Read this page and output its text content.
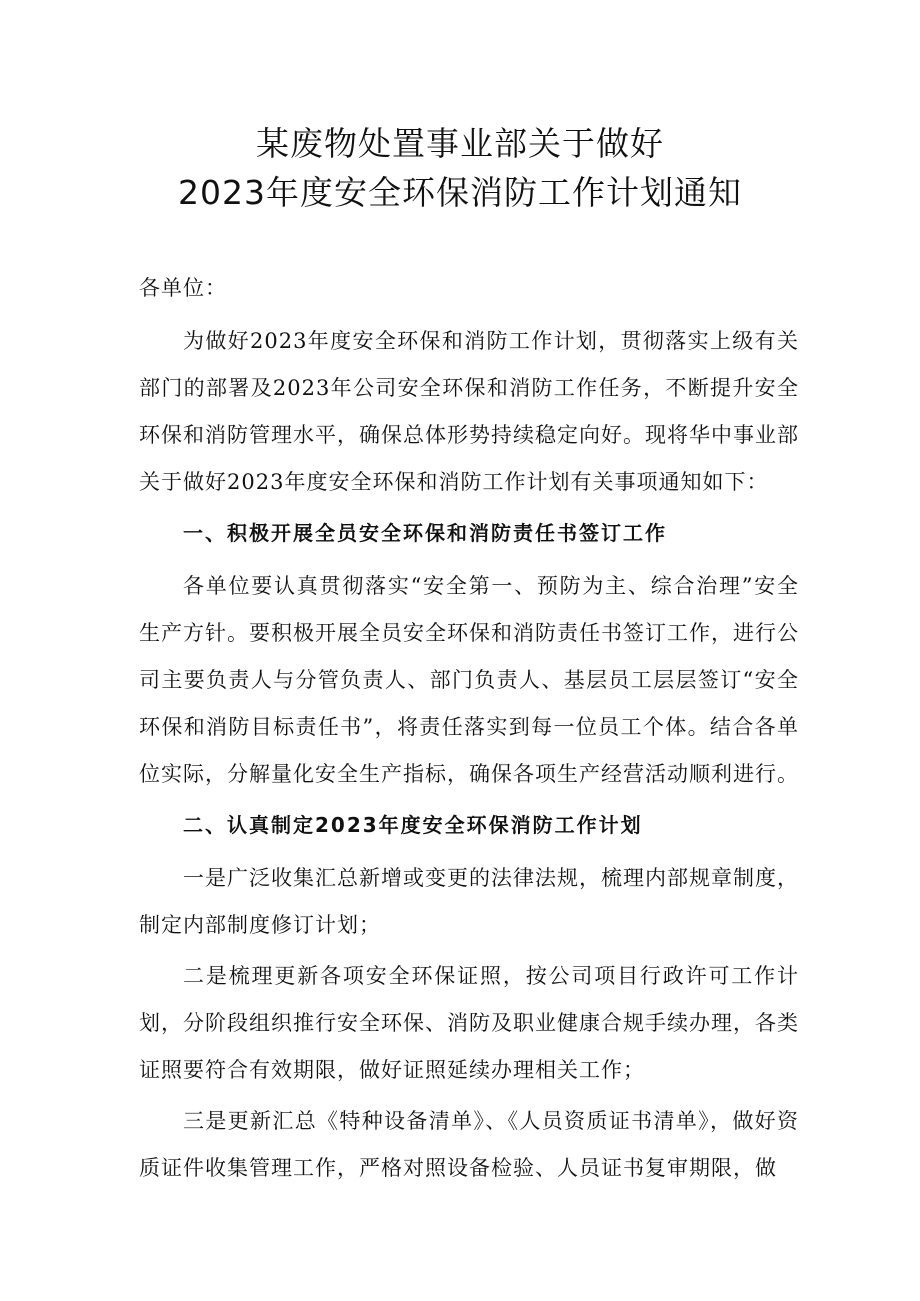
某废物处置事业部关于做好
2023年度安全环保消防工作计划通知

各单位：

为做好2023年度安全环保和消防工作计划，贯彻落实上级有关部门的部署及2023年公司安全环保和消防工作任务，不断提升安全环保和消防管理水平，确保总体形势持续稳定向好。现将华中事业部关于做好2023年度安全环保和消防工作计划有关事项通知如下：

一、积极开展全员安全环保和消防责任书签订工作

各单位要认真贯彻落实“安全第一、预防为主、综合治理”安全生产方针。要积极开展全员安全环保和消防责任书签订工作，进行公司主要负责人与分管负责人、部门负责人、基层员工层层签订“安全环保和消防目标责任书”，将责任落实到每一位员工个体。结合各单位实际，分解量化安全生产指标，确保各项生产经营活动顺利进行。

二、认真制定2023年度安全环保消防工作计划

一是广泛收集汇总新增或变更的法律法规，梳理内部规章制度，制定内部制度修订计划；

二是梳理更新各项安全环保证照，按公司项目行政许可工作计划，分阶段组织推行安全环保、消防及职业健康合规手续办理，各类证照要符合有效期限，做好证照延续办理相关工作；

三是更新汇总《特种设备清单》、《人员资质证书清单》，做好资质证件收集管理工作，严格对照设备检验、人员证书复审期限，做
